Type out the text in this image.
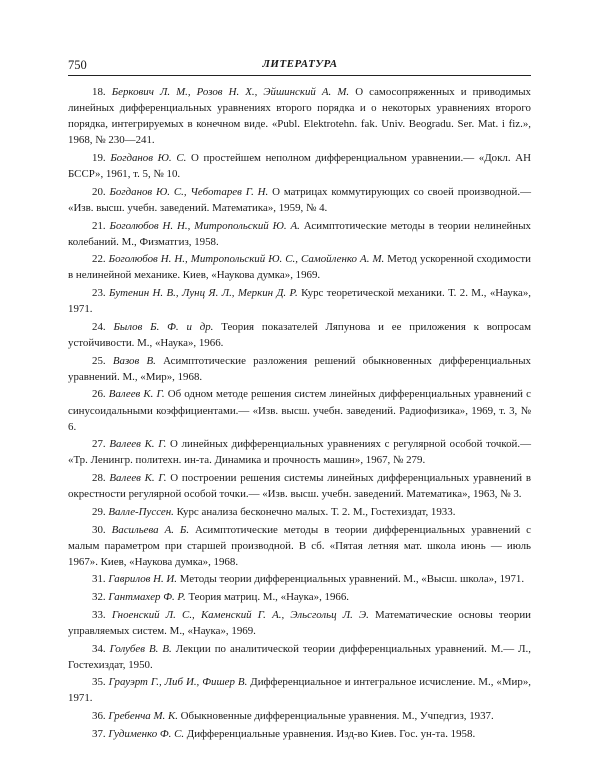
750	ЛИТЕРАТУРА

18. Беркович Л. М., Розов Н. Х., Эйшинский А. М. О самосопряженных и приводимых линейных дифференциальных уравнениях второго порядка и о некоторых уравнениях второго порядка, интегрируемых в конечном виде. «Publ. Elektrotehn. fak. Univ. Beogradu. Ser. Mat. i fiz.», 1968, № 230—241.

19. Богданов Ю. С. О простейшем неполном дифференциальном уравнении.— «Докл. АН БССР», 1961, т. 5, № 10.

20. Богданов Ю. С., Чеботарев Г. Н. О матрицах коммутирующих со своей производной.— «Изв. высш. учебн. заведений. Математика», 1959, № 4.

21. Боголюбов Н. Н., Митропольский Ю. А. Асимптотические методы в теории нелинейных колебаний. М., Физматгиз, 1958.

22. Боголюбов Н. Н., Митропольский Ю. С., Самойленко А. М. Метод ускоренной сходимости в нелинейной механике. Киев, «Наукова думка», 1969.

23. Бутенин Н. В., Лунц Я. Л., Меркин Д. Р. Курс теоретической механики. Т. 2. М., «Наука», 1971.

24. Былов Б. Ф. и др. Теория показателей Ляпунова и ее приложения к вопросам устойчивости. М., «Наука», 1966.

25. Вазов В. Асимптотические разложения решений обыкновенных дифференциальных уравнений. М., «Мир», 1968.

26. Валеев К. Г. Об одном методе решения систем линейных дифференциальных уравнений с синусоидальными коэффициентами.— «Изв. высш. учебн. заведений. Радиофизика», 1969, т. 3, № 6.

27. Валеев К. Г. О линейных дифференциальных уравнениях с регулярной особой точкой.— «Тр. Ленингр. политехн. ин-та. Динамика и прочность машин», 1967, № 279.

28. Валеев К. Г. О построении решения системы линейных дифференциальных уравнений в окрестности регулярной особой точки.— «Изв. высш. учебн. заведений. Математика», 1963, № 3.

29. Валле-Пуссен. Курс анализа бесконечно малых. Т. 2. М., Гостехиздат, 1933.

30. Васильева А. Б. Асимптотические методы в теории дифференциальных уравнений с малым параметром при старшей производной. В сб. «Пятая летняя мат. школа июнь — июль 1967». Киев, «Наукова думка», 1968.

31. Гаврилов Н. И. Методы теории дифференциальных уравнений. М., «Высш. школа», 1971.

32. Гантмахер Ф. Р. Теория матриц. М., «Наука», 1966.

33. Гноенский Л. С., Каменский Г. А., Эльсгольц Л. Э. Математические основы теории управляемых систем. М., «Наука», 1969.

34. Голубев В. В. Лекции по аналитической теории дифференциальных уравнений. М.— Л., Гостехиздат, 1950.

35. Грауэрт Г., Либ И., Фишер В. Дифференциальное и интегральное исчисление. М., «Мир», 1971.

36. Гребенча М. К. Обыкновенные дифференциальные уравнения. М., Учпедгиз, 1937.

37. Гудименко Ф. С. Дифференциальные уравнения. Изд-во Киев. Гос. ун-та. 1958.
